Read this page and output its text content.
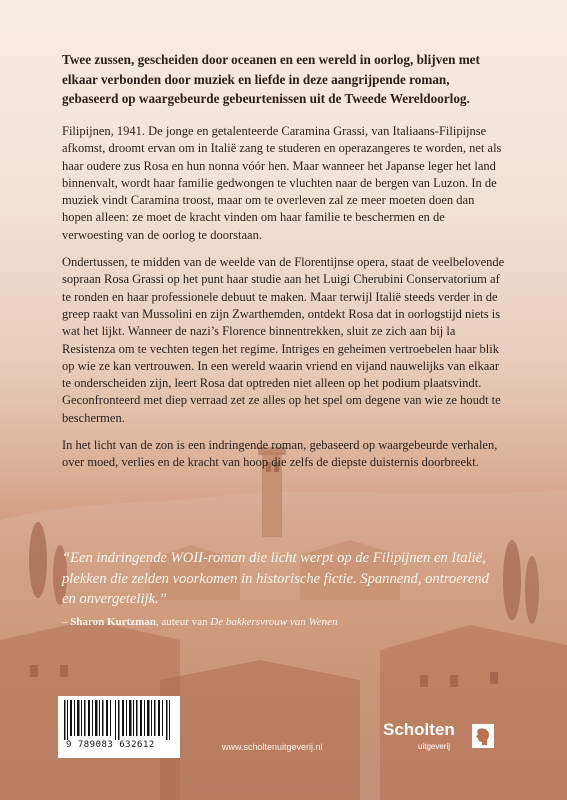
Twee zussen, gescheiden door oceanen en een wereld in oorlog, blijven met elkaar verbonden door muziek en liefde in deze aangrijpende roman, gebaseerd op waargebeurde gebeurtenissen uit de Tweede Wereldoorlog.

Filipijnen, 1941. De jonge en getalenteerde Caramina Grassi, van Italiaans-Filipijnse afkomst, droomt ervan om in Italië zang te studeren en operazangeres te worden, net als haar oudere zus Rosa en hun nonna vóór hen. Maar wanneer het Japanse leger het land binnenvalt, wordt haar familie gedwongen te vluchten naar de bergen van Luzon. In de muziek vindt Caramina troost, maar om te overleven zal ze meer moeten doen dan hopen alleen: ze moet de kracht vinden om haar familie te beschermen en de verwoesting van de oorlog te doorstaan.

Ondertussen, te midden van de weelde van de Florentijnse opera, staat de veelbelovende sopraan Rosa Grassi op het punt haar studie aan het Luigi Cherubini Conservatorium af te ronden en haar professionele debuut te maken. Maar terwijl Italië steeds verder in de greep raakt van Mussolini en zijn Zwarthemden, ontdekt Rosa dat in oorlogstijd niets is wat het lijkt. Wanneer de nazi’s Florence binnentrekken, sluit ze zich aan bij la Resistenza om te vechten tegen het regime. Intriges en geheimen vertroebelen haar blik op wie ze kan vertrouwen. In een wereld waarin vriend en vijand nauwelijks van elkaar te onderscheiden zijn, leert Rosa dat optreden niet alleen op het podium plaatsvindt. Geconfronteerd met diep verraad zet ze alles op het spel om degene van wie ze houdt te beschermen.

In het licht van de zon is een indringende roman, gebaseerd op waargebeurde verhalen, over moed, verlies en de kracht van hoop die zelfs de diepste duisternis doorbreekt.

“Een indringende WOII-roman die licht werpt op de Filipijnen en Italië, plekken die zelden voorkomen in historische fictie. Spannend, ontroerend en onvergetelijk.”
– Sharon Kurtzman, auteur van De bakkersvrouw van Wenen
9 789083 632612	www.scholtenuitgeverij.nl
Scholten
uitgeverij
